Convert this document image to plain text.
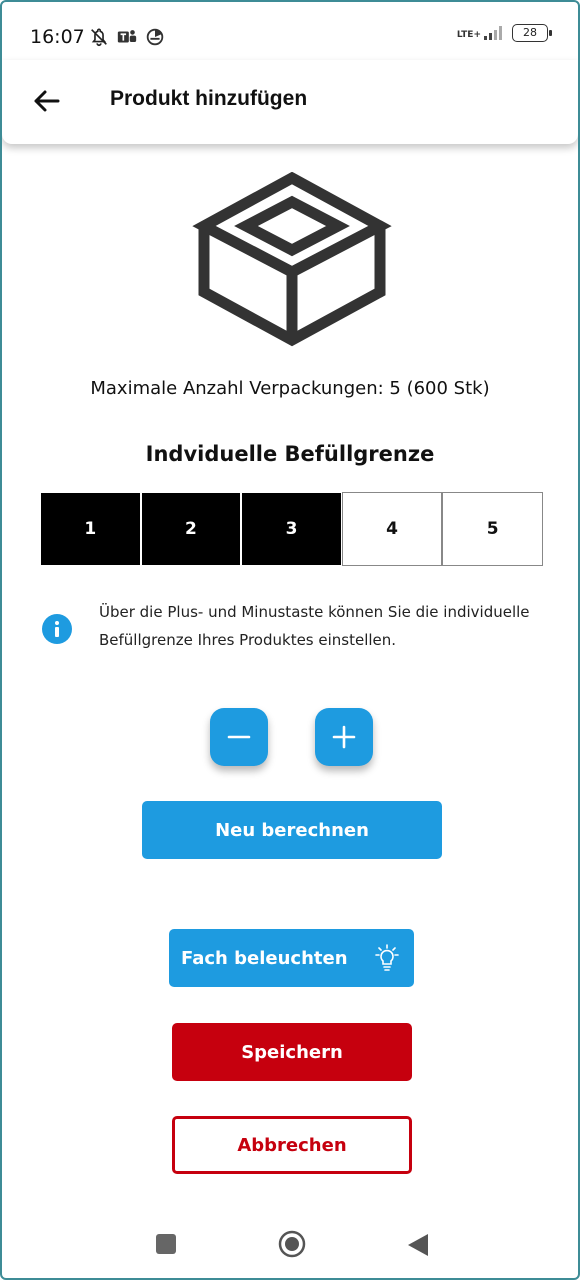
16:07	LTE+	28
Produkt hinzufügen
Maximale Anzahl Verpackungen: 5 (600 Stk)
Indviduelle Befüllgrenze
1	2	3	4	5
Über die Plus- und Minustaste können Sie die individuelle Befüllgrenze Ihres Produktes einstellen.
Neu berechnen
Fach beleuchten
Speichern
Abbrechen
